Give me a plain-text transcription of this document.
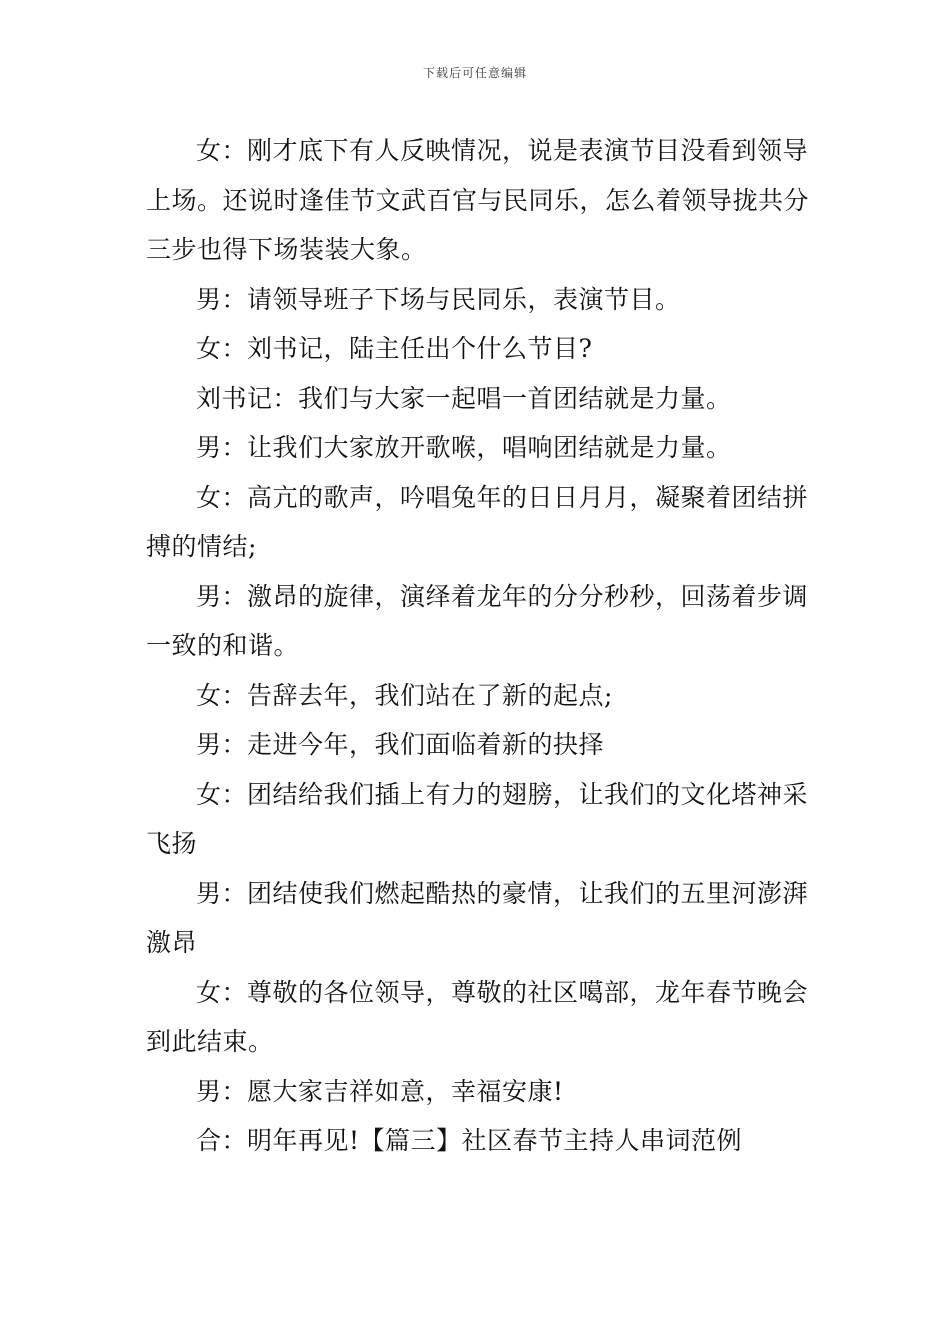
下载后可任意编辑

女：刚才底下有人反映情况，说是表演节目没看到领导上场。还说时逢佳节文武百官与民同乐，怎么着领导拢共分三步也得下场装装大象。

男：请领导班子下场与民同乐，表演节目。

女：刘书记，陆主任出个什么节目?

刘书记：我们与大家一起唱一首团结就是力量。

男：让我们大家放开歌喉，唱响团结就是力量。

女：高亢的歌声，吟唱兔年的日日月月，凝聚着团结拼搏的情结;

男：激昂的旋律，演绎着龙年的分分秒秒，回荡着步调一致的和谐。

女：告辞去年，我们站在了新的起点;

男：走进今年，我们面临着新的抉择

女：团结给我们插上有力的翅膀，让我们的文化塔神采飞扬

男：团结使我们燃起酷热的豪情，让我们的五里河澎湃激昂

女：尊敬的各位领导，尊敬的社区噶部，龙年春节晚会到此结束。

男：愿大家吉祥如意，幸福安康!

合：明年再见!【篇三】社区春节主持人串词范例
